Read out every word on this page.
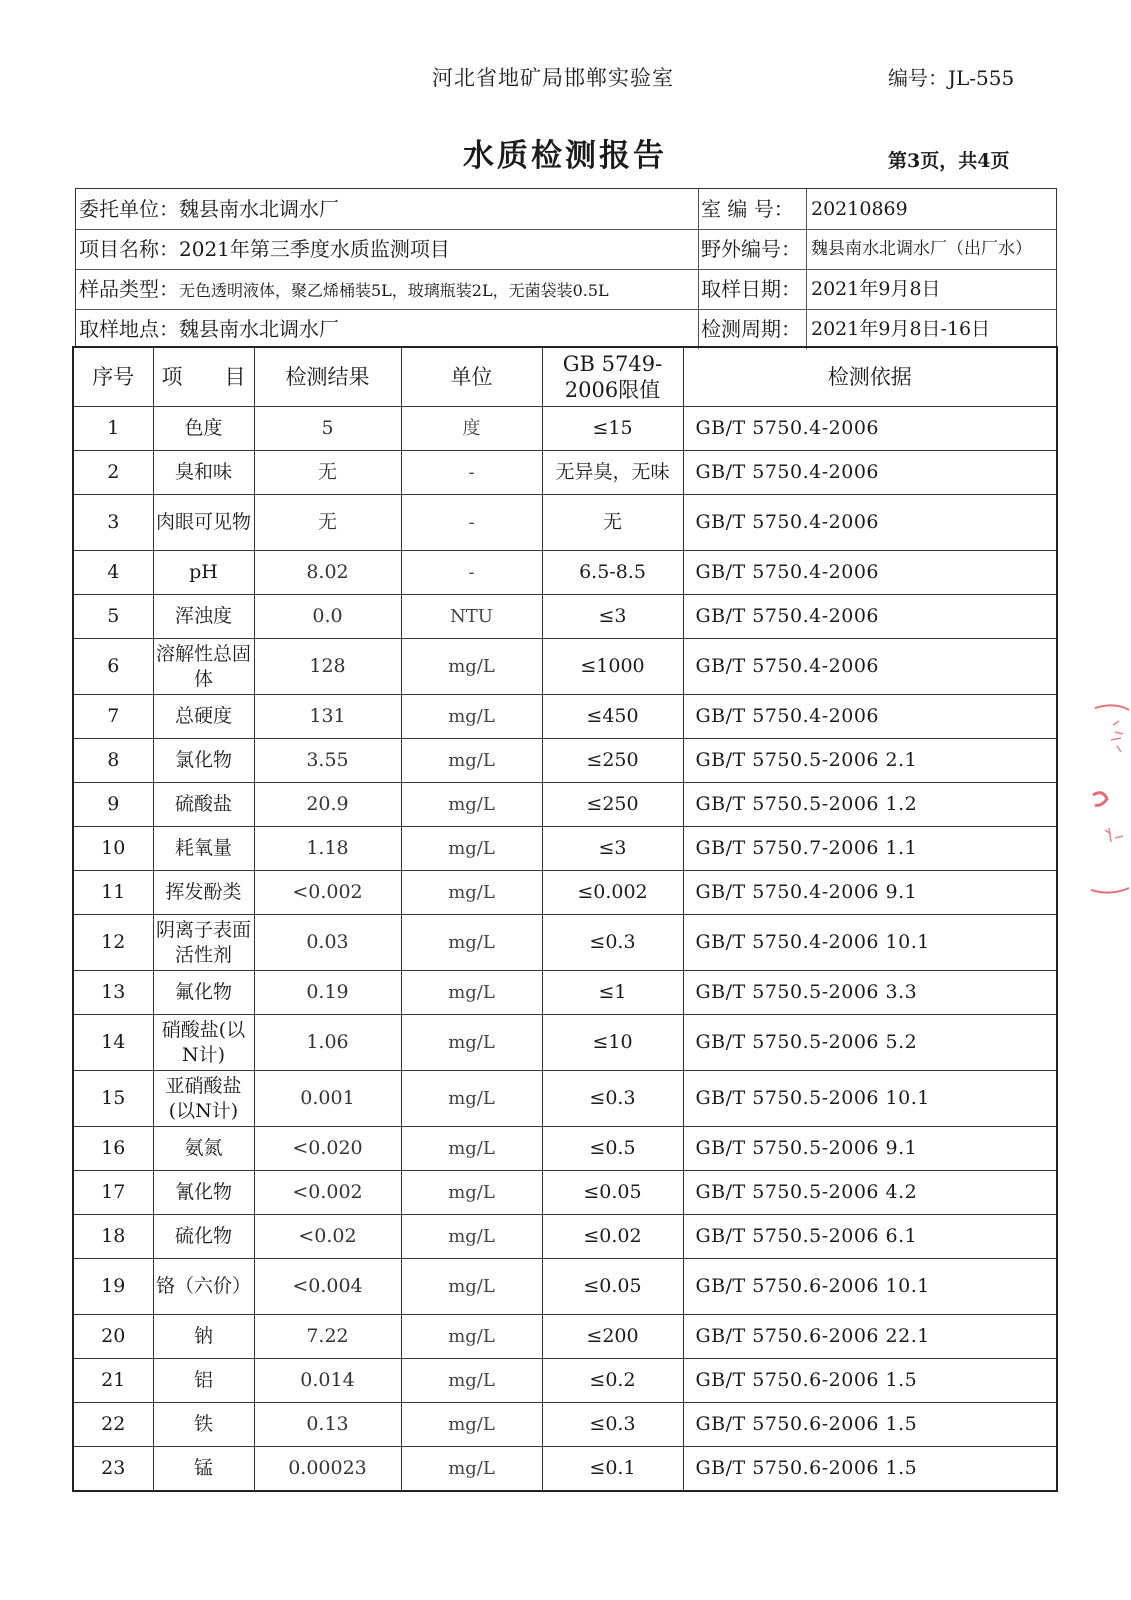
河北省地矿局邯郸实验室	编号：JL-555
水质检测报告	第3页，共4页
委托单位：魏县南水北调水厂	室 编 号： 20210869
项目名称：2021年第三季度水质监测项目	野外编号： 魏县南水北调水厂（出厂水）
样品类型：无色透明液体，聚乙烯桶装5L，玻璃瓶装2L，无菌袋装0.5L	取样日期： 2021年9月8日
取样地点：魏县南水北调水厂	检测周期： 2021年9月8日-16日
序号	项　　目	检测结果	单位	GB 5749-2006限值	检测依据
1	色度	5	度	≤15	GB/T 5750.4-2006
2	臭和味	无	-	无异臭，无味	GB/T 5750.4-2006
3	肉眼可见物	无	-	无	GB/T 5750.4-2006
4	pH	8.02	-	6.5-8.5	GB/T 5750.4-2006
5	浑浊度	0.0	NTU	≤3	GB/T 5750.4-2006
6	溶解性总固体	128	mg/L	≤1000	GB/T 5750.4-2006
7	总硬度	131	mg/L	≤450	GB/T 5750.4-2006
8	氯化物	3.55	mg/L	≤250	GB/T 5750.5-2006 2.1
9	硫酸盐	20.9	mg/L	≤250	GB/T 5750.5-2006 1.2
10	耗氧量	1.18	mg/L	≤3	GB/T 5750.7-2006 1.1
11	挥发酚类	<0.002	mg/L	≤0.002	GB/T 5750.4-2006 9.1
12	阴离子表面活性剂	0.03	mg/L	≤0.3	GB/T 5750.4-2006 10.1
13	氟化物	0.19	mg/L	≤1	GB/T 5750.5-2006 3.3
14	硝酸盐(以N计)	1.06	mg/L	≤10	GB/T 5750.5-2006 5.2
15	亚硝酸盐(以N计)	0.001	mg/L	≤0.3	GB/T 5750.5-2006 10.1
16	氨氮	<0.020	mg/L	≤0.5	GB/T 5750.5-2006 9.1
17	氰化物	<0.002	mg/L	≤0.05	GB/T 5750.5-2006 4.2
18	硫化物	<0.02	mg/L	≤0.02	GB/T 5750.5-2006 6.1
19	铬（六价）	<0.004	mg/L	≤0.05	GB/T 5750.6-2006 10.1
20	钠	7.22	mg/L	≤200	GB/T 5750.6-2006 22.1
21	铝	0.014	mg/L	≤0.2	GB/T 5750.6-2006 1.5
22	铁	0.13	mg/L	≤0.3	GB/T 5750.6-2006 1.5
23	锰	0.00023	mg/L	≤0.1	GB/T 5750.6-2006 1.5
